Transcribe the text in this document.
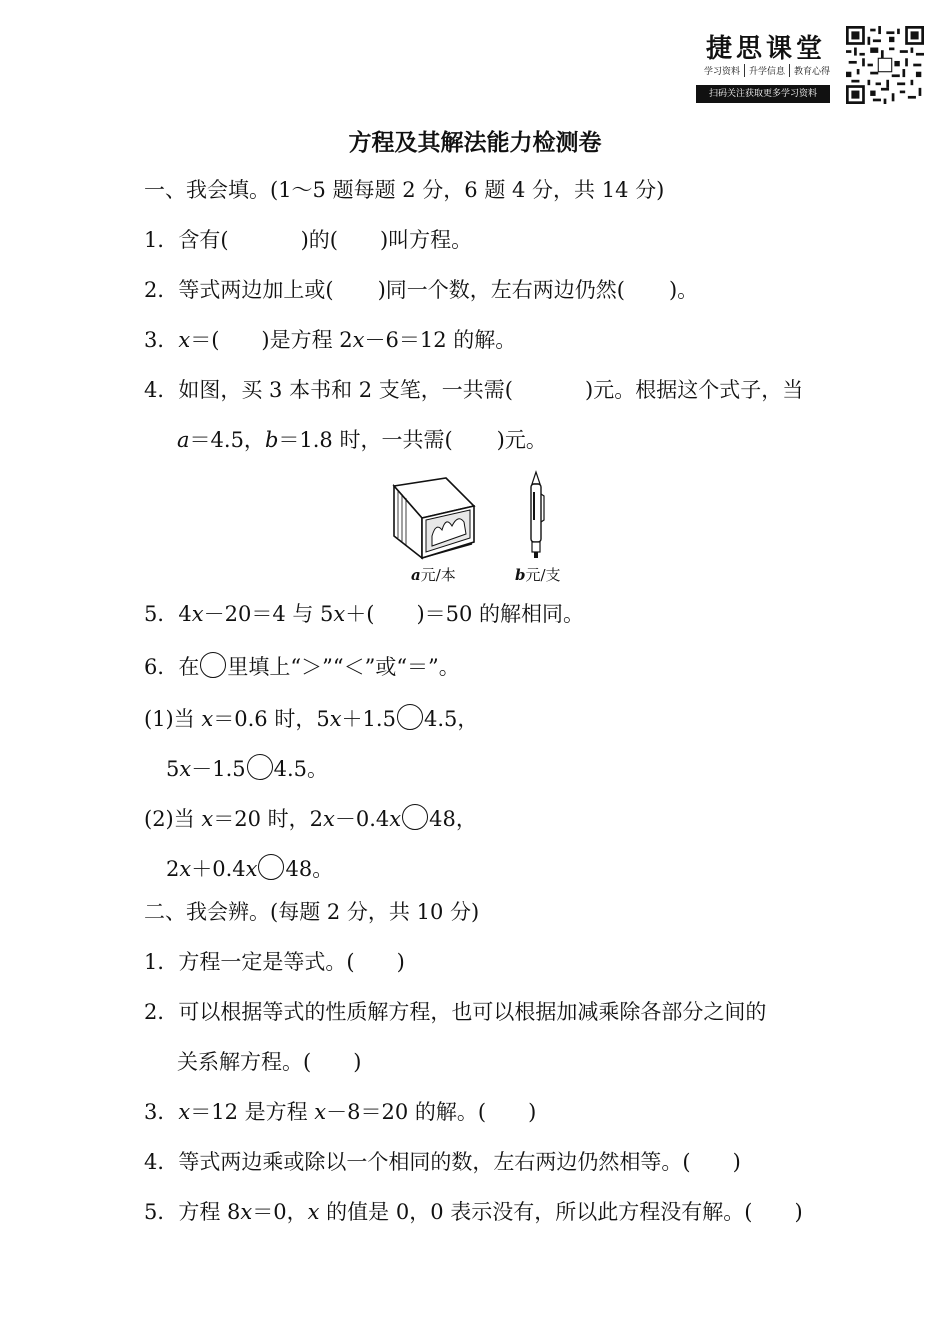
捷思课堂
学习资料	升学信息	教育心得
扫码关注获取更多学习资料
方程及其解法能力检测卷
一、我会填。(1～5 题每题 2 分，6 题 4 分，共 14 分)
1．含有(	)的( )叫方程。
2．等式两边加上或( )同一个数，左右两边仍然( )。
3．x＝( )是方程 2x－6＝12 的解。
4．如图，买 3 本书和 2 支笔，一共需(	)元。根据这个式子，当
a＝4.5，b＝1.8 时，一共需( )元。
a元/本	b元/支
5．4x－20＝4 与 5x＋( )＝50 的解相同。
6．在 里填上“＞”“＜”或“＝”。
(1)当 x＝0.6 时，5x＋1.5 4.5，
5x－1.5 4.5。
(2)当 x＝20 时，2x－0.4x 48，
2x＋0.4x 48。
二、我会辨。(每题 2 分，共 10 分)
1．方程一定是等式。( )
2．可以根据等式的性质解方程，也可以根据加减乘除各部分之间的
关系解方程。( )
3．x＝12 是方程 x－8＝20 的解。( )
4．等式两边乘或除以一个相同的数，左右两边仍然相等。( )
5．方程 8x＝0，x 的值是 0，0 表示没有，所以此方程没有解。( )
